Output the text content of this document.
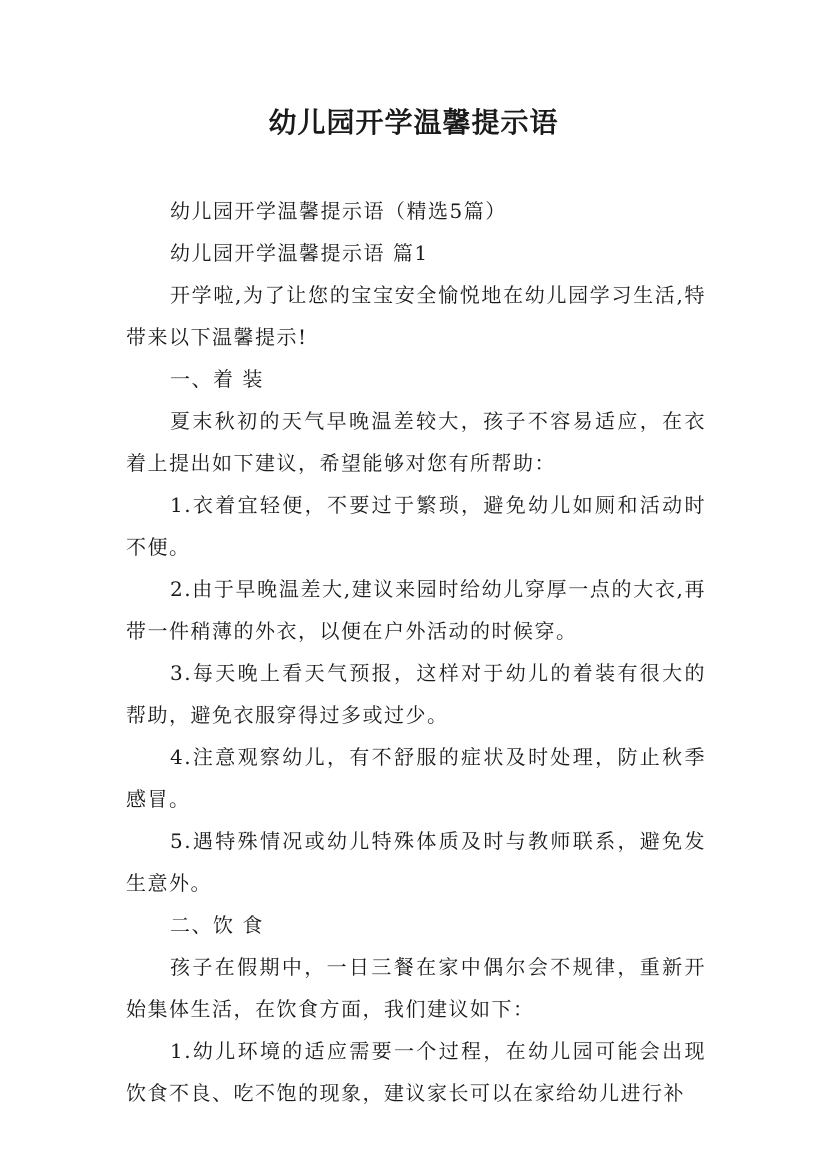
幼儿园开学温馨提示语

幼儿园开学温馨提示语（精选5篇）

幼儿园开学温馨提示语 篇1

开学啦,为了让您的宝宝安全愉悦地在幼儿园学习生活,特带来以下温馨提示!

一、着 装

夏末秋初的天气早晚温差较大，孩子不容易适应，在衣着上提出如下建议，希望能够对您有所帮助：

1.衣着宜轻便，不要过于繁琐，避免幼儿如厕和活动时不便。

2.由于早晚温差大,建议来园时给幼儿穿厚一点的大衣,再带一件稍薄的外衣，以便在户外活动的时候穿。

3.每天晚上看天气预报，这样对于幼儿的着装有很大的帮助，避免衣服穿得过多或过少。

4.注意观察幼儿，有不舒服的症状及时处理，防止秋季感冒。

5.遇特殊情况或幼儿特殊体质及时与教师联系，避免发生意外。

二、饮 食

孩子在假期中，一日三餐在家中偶尔会不规律，重新开始集体生活，在饮食方面，我们建议如下：

1.幼儿环境的适应需要一个过程，在幼儿园可能会出现饮食不良、吃不饱的现象，建议家长可以在家给幼儿进行补
